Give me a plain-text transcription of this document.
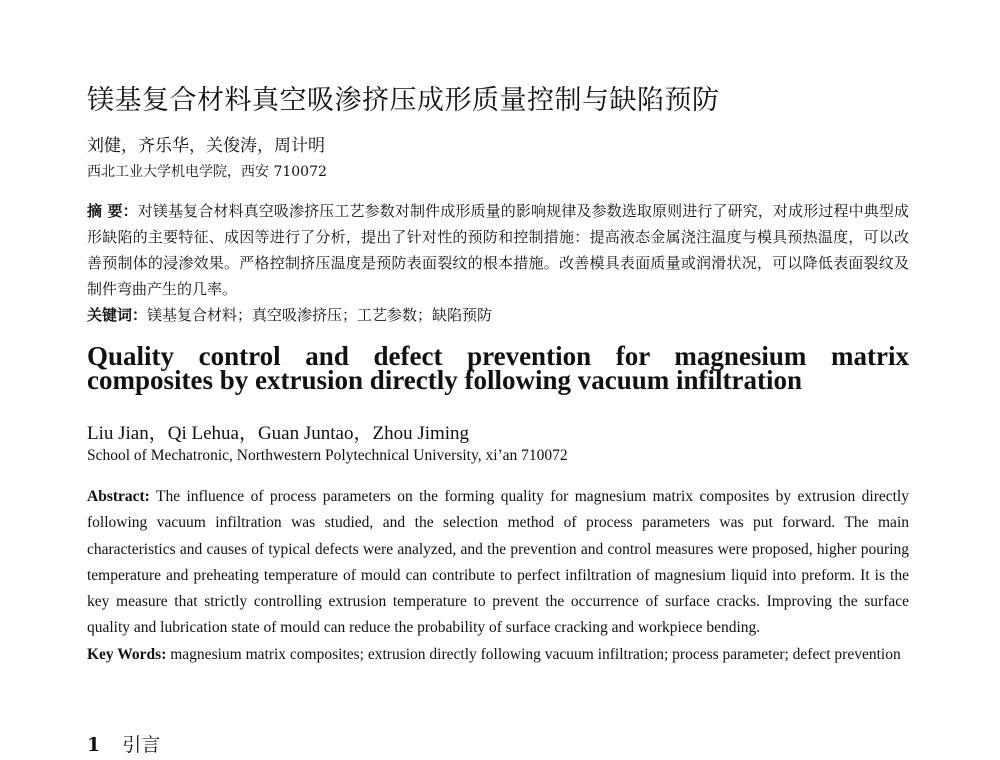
镁基复合材料真空吸渗挤压成形质量控制与缺陷预防
刘健，齐乐华，关俊涛，周计明
西北工业大学机电学院，西安 710072
摘 要：对镁基复合材料真空吸渗挤压工艺参数对制件成形质量的影响规律及参数选取原则进行了研究，对成形过程中典型成形缺陷的主要特征、成因等进行了分析，提出了针对性的预防和控制措施：提高液态金属浇注温度与模具预热温度，可以改善预制体的浸渗效果。严格控制挤压温度是预防表面裂纹的根本措施。改善模具表面质量或润滑状况，可以降低表面裂纹及制件弯曲产生的几率。
关键词：镁基复合材料；真空吸渗挤压；工艺参数；缺陷预防
Quality control and defect prevention for magnesium matrix composites by extrusion directly following vacuum infiltration
Liu Jian，Qi Lehua，Guan Juntao，Zhou Jiming
School of Mechatronic, Northwestern Polytechnical University, xi’an 710072
Abstract: The influence of process parameters on the forming quality for magnesium matrix composites by extrusion directly following vacuum infiltration was studied, and the selection method of process parameters was put forward. The main characteristics and causes of typical defects were analyzed, and the prevention and control measures were proposed, higher pouring temperature and preheating temperature of mould can contribute to perfect infiltration of magnesium liquid into preform. It is the key measure that strictly controlling extrusion temperature to prevent the occurrence of surface cracks. Improving the surface quality and lubrication state of mould can reduce the probability of surface cracking and workpiece bending.
Key Words: magnesium matrix composites; extrusion directly following vacuum infiltration; process parameter; defect prevention
1 引言
